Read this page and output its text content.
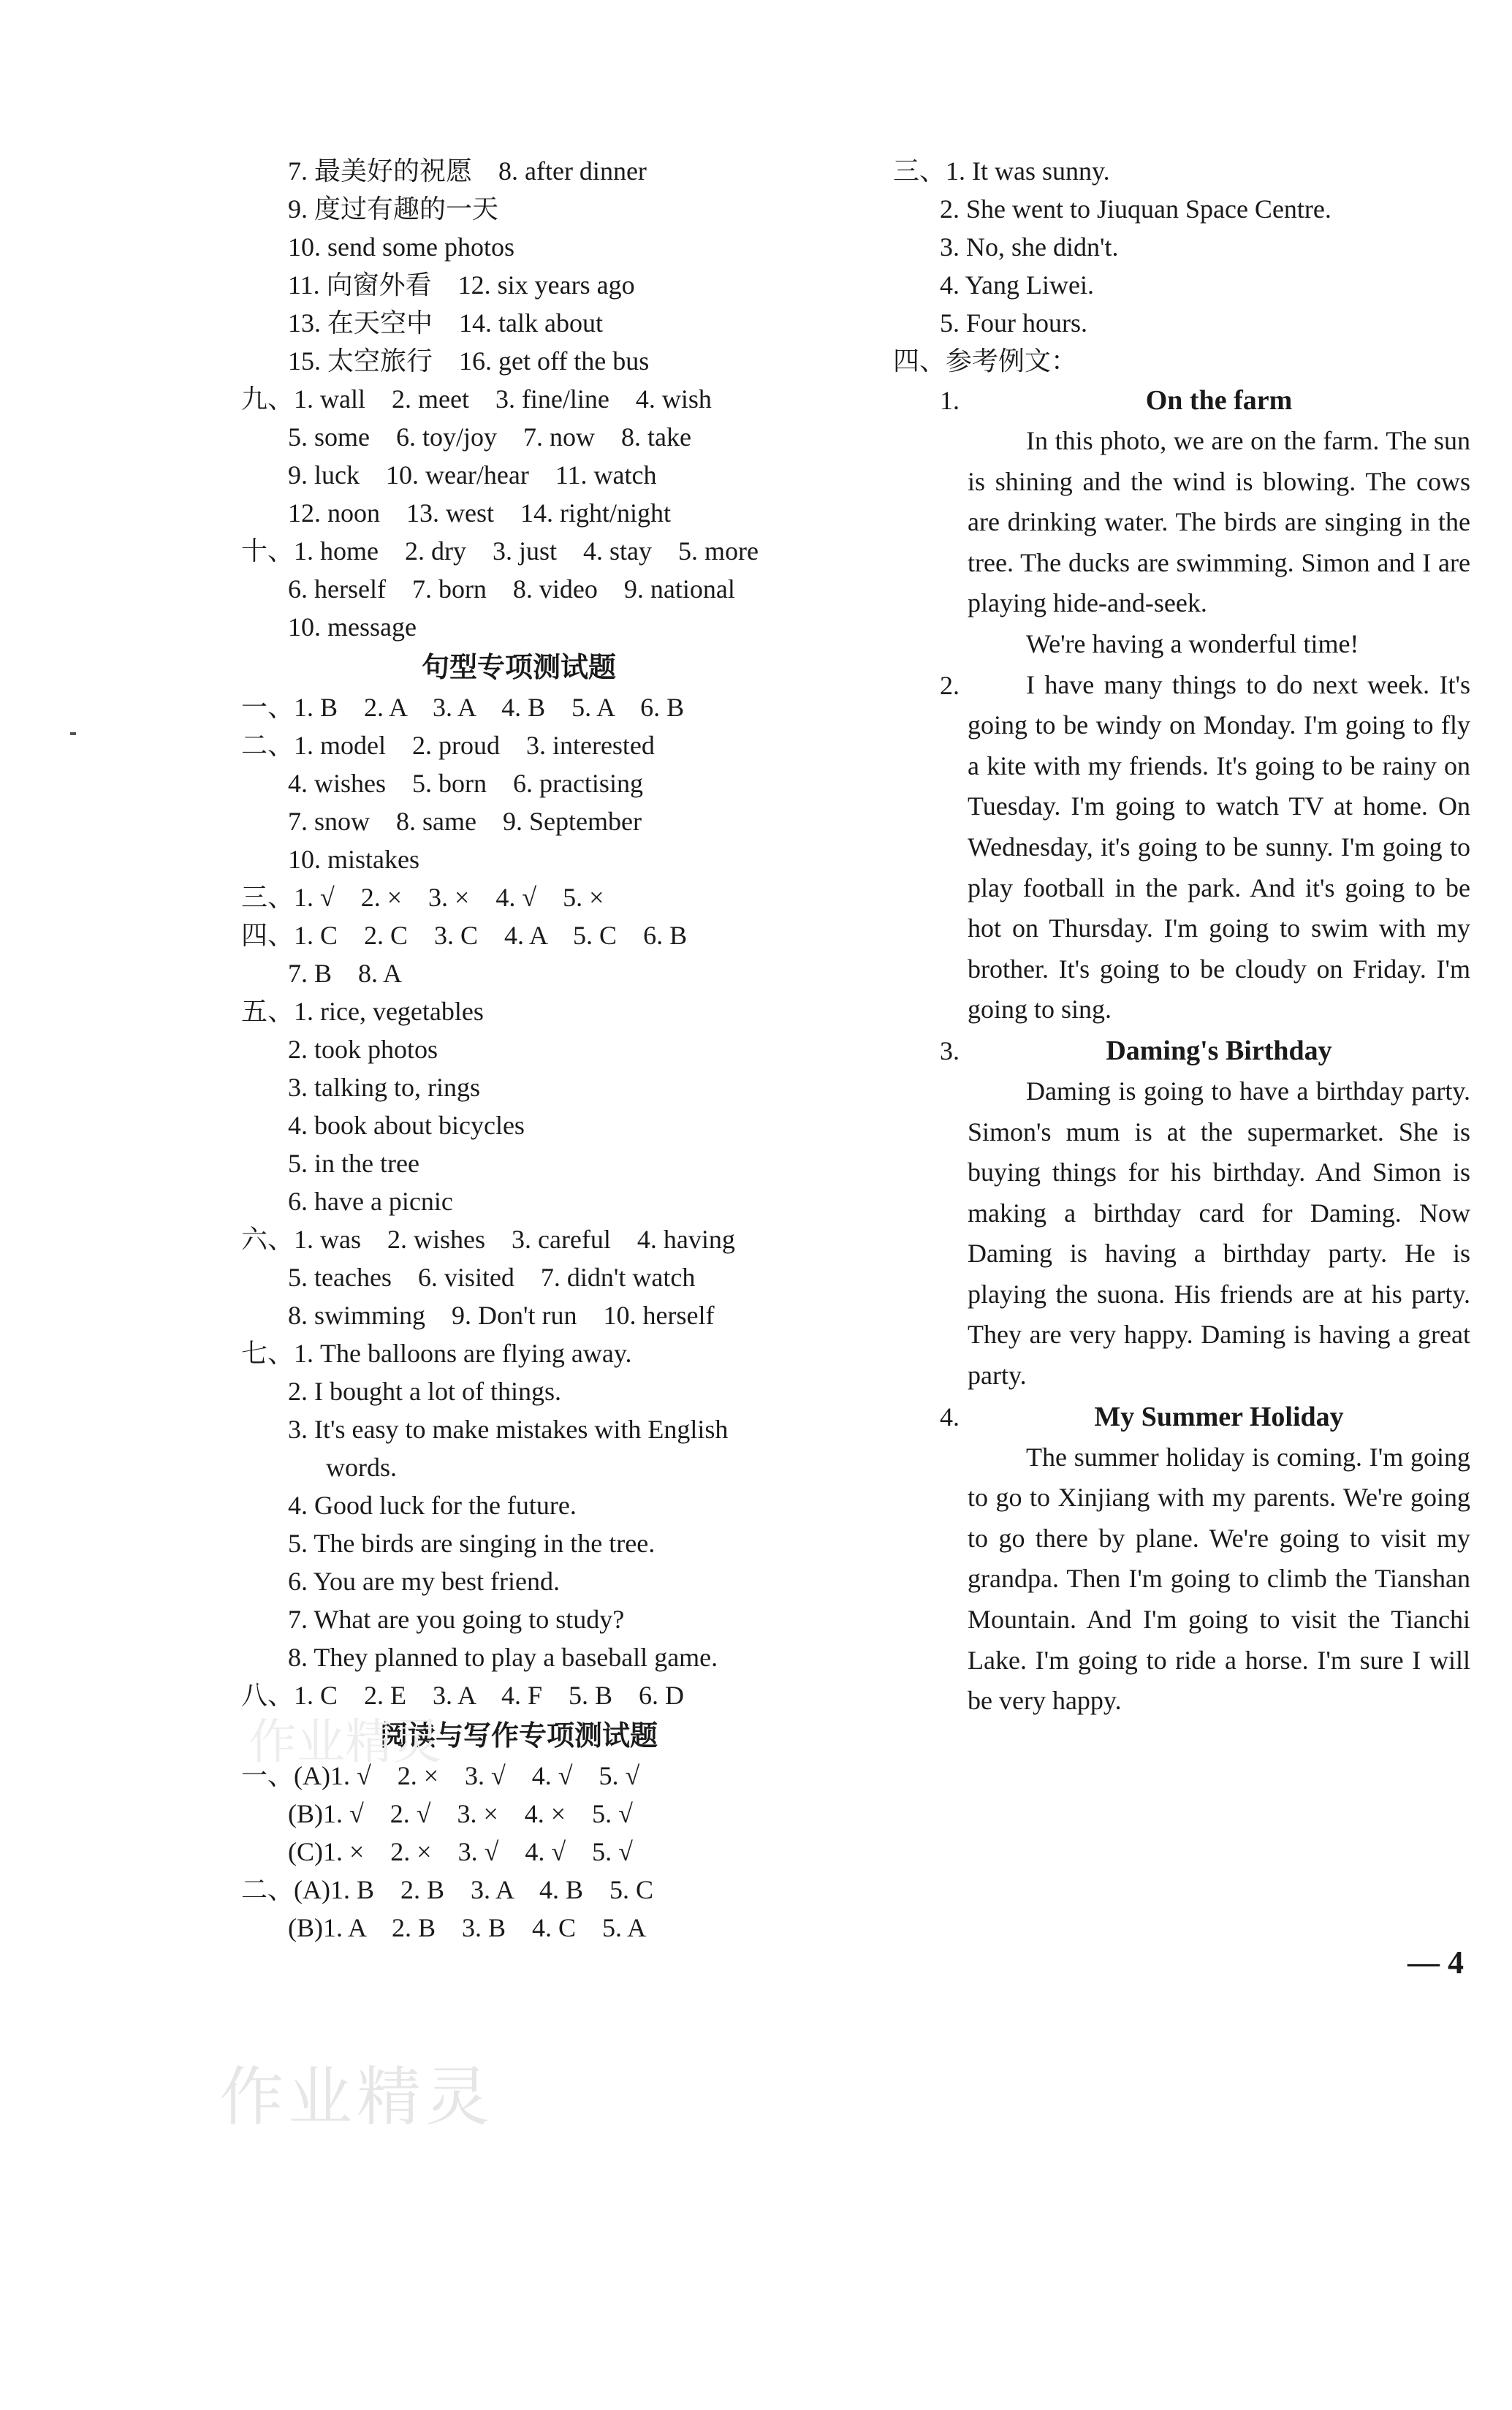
7. 最美好的祝愿　8. after dinner
9. 度过有趣的一天
10. send some photos
11. 向窗外看　12. six years ago
13. 在天空中　14. talk about
15. 太空旅行　16. get off the bus
九、1. wall　2. meet　3. fine/line　4. wish
5. some　6. toy/joy　7. now　8. take
9. luck　10. wear/hear　11. watch
12. noon　13. west　14. right/night
十、1. home　2. dry　3. just　4. stay　5. more
6. herself　7. born　8. video　9. national
10. message
句型专项测试题
一、1. B　2. A　3. A　4. B　5. A　6. B
二、1. model　2. proud　3. interested
4. wishes　5. born　6. practising
7. snow　8. same　9. September
10. mistakes
三、1. √　2. ×　3. ×　4. √　5. ×
四、1. C　2. C　3. C　4. A　5. C　6. B
7. B　8. A
五、1. rice, vegetables
2. took photos
3. talking to, rings
4. book about bicycles
5. in the tree
6. have a picnic
六、1. was　2. wishes　3. careful　4. having
5. teaches　6. visited　7. didn't watch
8. swimming　9. Don't run　10. herself
七、1. The balloons are flying away.
2. I bought a lot of things.
3. It's easy to make mistakes with English
words.
4. Good luck for the future.
5. The birds are singing in the tree.
6. You are my best friend.
7. What are you going to study?
8. They planned to play a baseball game.
八、1. C　2. E　3. A　4. F　5. B　6. D
阅读与写作专项测试题
一、(A)1. √　2. ×　3. √　4. √　5. √
(B)1. √　2. √　3. ×　4. ×　5. √
(C)1. ×　2. ×　3. √　4. √　5. √
二、(A)1. B　2. B　3. A　4. B　5. C
(B)1. A　2. B　3. B　4. C　5. A
三、1. It was sunny.
2. She went to Jiuquan Space Centre.
3. No, she didn't.
4. Yang Liwei.
5. Four hours.
四、参考例文：
1.	On the farm

In this photo, we are on the farm. The sun is shining and the wind is blowing. The cows are drinking water. The birds are singing in the tree. The ducks are swimming. Simon and I are playing hide-and-seek.

We're having a wonderful time!

2.	I have many things to do next week. It's going to be windy on Monday. I'm going to fly a kite with my friends. It's going to be rainy on Tuesday. I'm going to watch TV at home. On Wednesday, it's going to be sunny. I'm going to play football in the park. And it's going to be hot on Thursday. I'm going to swim with my brother. It's going to be cloudy on Friday. I'm going to sing.

3.	Daming's Birthday

Daming is going to have a birthday party. Simon's mum is at the supermarket. She is buying things for his birthday. And Simon is making a birthday card for Daming. Now Daming is having a birthday party. He is playing the suona. His friends are at his party. They are very happy. Daming is having a great party.

4.	My Summer Holiday

The summer holiday is coming. I'm going to go to Xinjiang with my parents. We're going to go there by plane. We're going to visit my grandpa. Then I'm going to climb the Tianshan Mountain. And I'm going to visit the Tianchi Lake. I'm going to ride a horse. I'm sure I will be very happy.

— 4
作业精灵
作业精灵
